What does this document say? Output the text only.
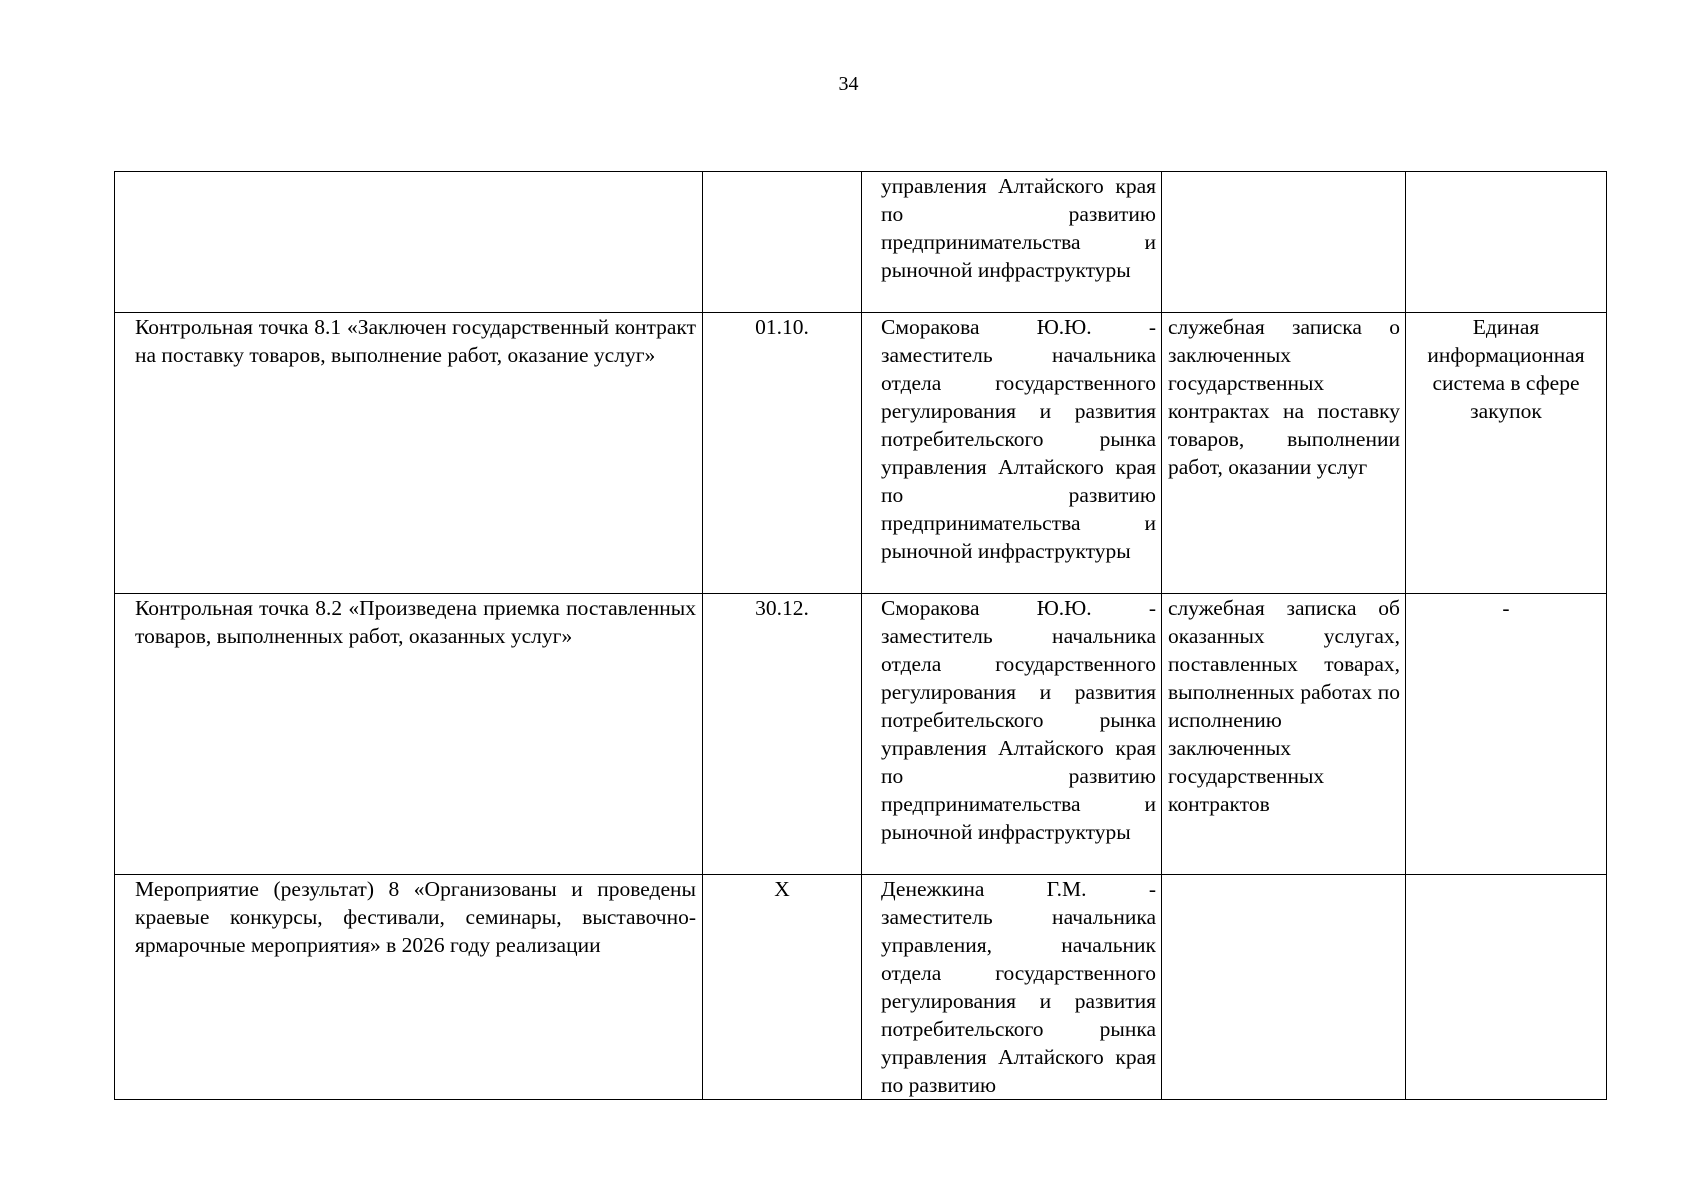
34

		управления Алтайского края по развитию предпринимательства и рыночной инфраструктуры		

Контрольная точка 8.1 «Заключен государственный контракт на поставку товаров, выполнение работ, оказание услуг»	01.10.	Сморакова Ю.Ю. - заместитель начальника отдела государственного регулирования и развития потребительского рынка управления Алтайского края по развитию предпринимательства и рыночной инфраструктуры	служебная записка о заключенных государственных контрактах на поставку товаров, выполнении работ, оказании услуг	Единая информационная система в сфере закупок

Контрольная точка 8.2 «Произведена приемка поставленных товаров, выполненных работ, оказанных услуг»	30.12.	Сморакова Ю.Ю. - заместитель начальника отдела государственного регулирования и развития потребительского рынка управления Алтайского края по развитию предпринимательства и рыночной инфраструктуры	служебная записка об оказанных услугах, поставленных товарах, выполненных работах по исполнению заключенных государственных контрактов	-

Мероприятие (результат) 8 «Организованы и проведены краевые конкурсы, фестивали, семинары, выставочно-ярмарочные мероприятия» в 2026 году реализации	X	Денежкина Г.М. - заместитель начальника управления, начальник отдела государственного регулирования и развития потребительского рынка управления Алтайского края по развитию		
